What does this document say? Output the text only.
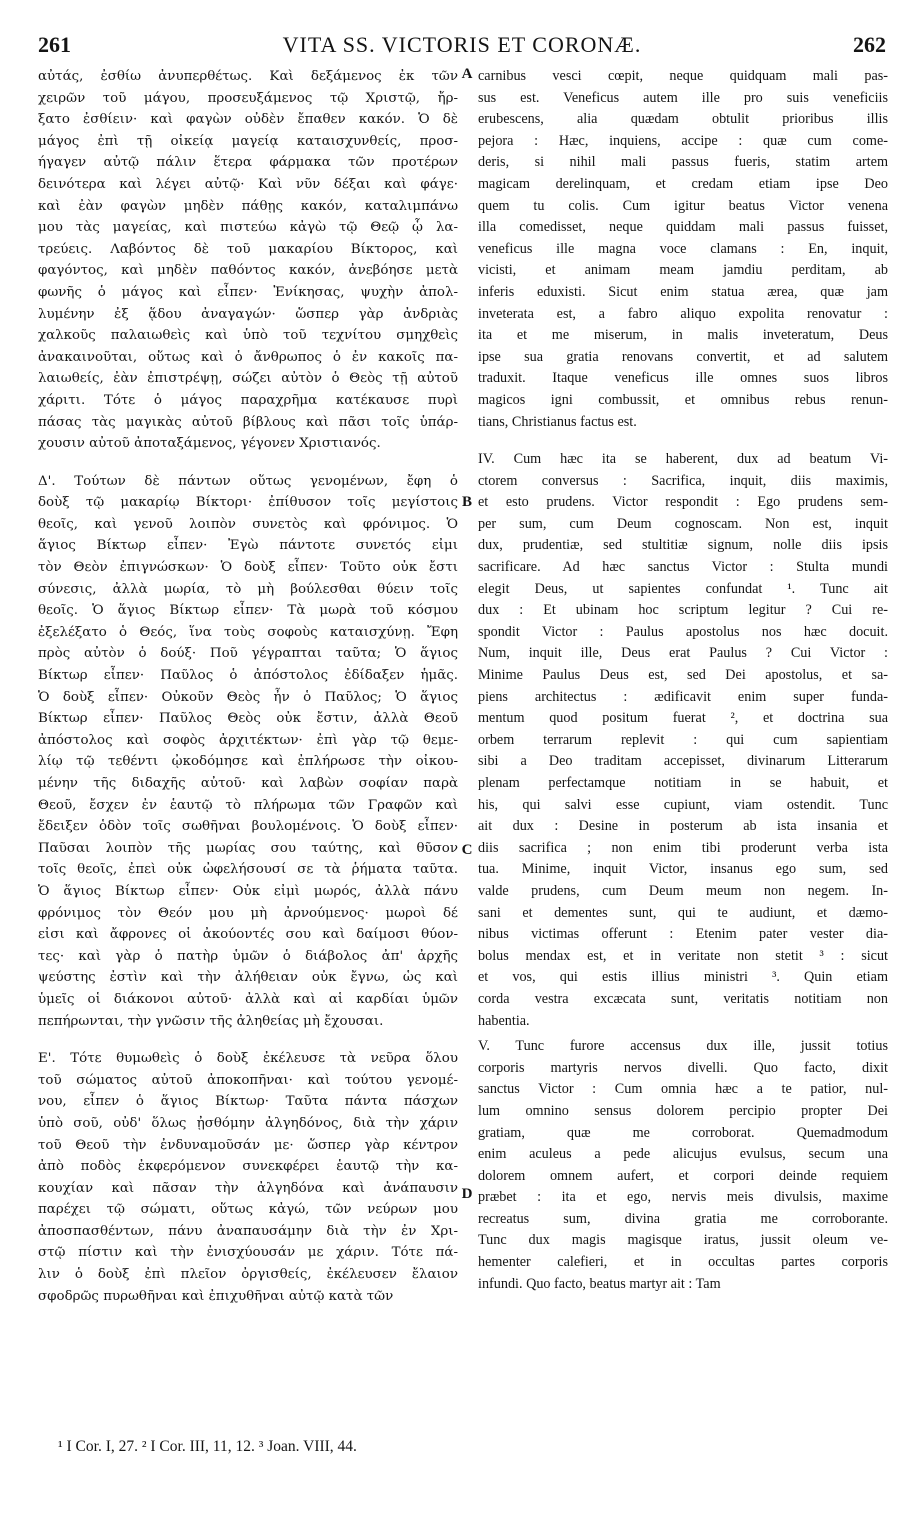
261	VITA SS. VICTORIS ET CORONÆ.	262
αὐτάς, ἐσθίω ἀνυπερθέτως. Καὶ δεξάμενος ἐκ τῶν
χειρῶν τοῦ μάγου, προσευξάμενος τῷ Χριστῷ, ἤρ-
ξατο ἐσθίειν· καὶ φαγὼν οὐδὲν ἔπαθεν κακόν. Ὁ δὲ
μάγος ἐπὶ τῇ οἰκείᾳ μαγείᾳ καταισχυνθείς, προσ-
ήγαγεν αὐτῷ πάλιν ἕτερα φάρμακα τῶν προτέρων
δεινότερα καὶ λέγει αὐτῷ· Καὶ νῦν δέξαι καὶ φάγε·
καὶ ἐὰν φαγὼν μηδὲν πάθῃς κακόν, καταλιμπάνω
μου τὰς μαγείας, καὶ πιστεύω κἀγὼ τῷ Θεῷ ᾧ λα-
τρεύεις. Λαβόντος δὲ τοῦ μακαρίου Βίκτορος, καὶ
φαγόντος, καὶ μηδὲν παθόντος κακόν, ἀνεβόησε μετὰ
φωνῆς ὁ μάγος καὶ εἶπεν· Ἐνίκησας, ψυχὴν ἀπολ-
λυμένην ἐξ ᾅδου ἀναγαγών· ὥσπερ γὰρ ἀνδριὰς
χαλκοῦς παλαιωθεὶς καὶ ὑπὸ τοῦ τεχνίτου σμηχθεὶς
ἀνακαινοῦται, οὕτως καὶ ὁ ἄνθρωπος ὁ ἐν κακοῖς πα-
λαιωθείς, ἐὰν ἐπιστρέψῃ, σώζει αὐτὸν ὁ Θεὸς τῇ αὐτοῦ
χάριτι. Τότε ὁ μάγος παραχρῆμα κατέκαυσε πυρὶ
πάσας τὰς μαγικὰς αὐτοῦ βίβλους καὶ πᾶσι τοῖς ὑπάρ-
χουσιν αὐτοῦ ἀποταξάμενος, γέγονεν Χριστιανός.
Δ'. Τούτων δὲ πάντων οὕτως γενομένων, ἔφη ὁ
δοὺξ τῷ μακαρίῳ Βίκτορι· ἐπίθυσον τοῖς μεγίστοις
θεοῖς, καὶ γενοῦ λοιπὸν συνετὸς καὶ φρόνιμος. Ὁ
ἅγιος Βίκτωρ εἶπεν· Ἐγὼ πάντοτε συνετός εἰμι
τὸν Θεὸν ἐπιγνώσκων· Ὁ δοὺξ εἶπεν· Τοῦτο οὐκ ἔστι
σύνεσις, ἀλλὰ μωρία, τὸ μὴ βούλεσθαι θύειν τοῖς
θεοῖς. Ὁ ἅγιος Βίκτωρ εἶπεν· Τὰ μωρὰ τοῦ κόσμου
ἐξελέξατο ὁ Θεός, ἵνα τοὺς σοφοὺς καταισχύνῃ. Ἔφη
πρὸς αὐτὸν ὁ δούξ· Ποῦ γέγραπται ταῦτα; Ὁ ἅγιος
Βίκτωρ εἶπεν· Παῦλος ὁ ἀπόστολος ἐδίδαξεν ἡμᾶς.
Ὁ δοὺξ εἶπεν· Οὐκοῦν Θεὸς ἦν ὁ Παῦλος; Ὁ ἅγιος
Βίκτωρ εἶπεν· Παῦλος Θεὸς οὐκ ἔστιν, ἀλλὰ Θεοῦ
ἀπόστολος καὶ σοφὸς ἀρχιτέκτων· ἐπὶ γὰρ τῷ θεμε-
λίῳ τῷ τεθέντι ᾠκοδόμησε καὶ ἐπλήρωσε τὴν οἰκου-
μένην τῆς διδαχῆς αὐτοῦ· καὶ λαβὼν σοφίαν παρὰ
Θεοῦ, ἔσχεν ἐν ἑαυτῷ τὸ πλήρωμα τῶν Γραφῶν καὶ
ἔδειξεν ὁδὸν τοῖς σωθῆναι βουλομένοις. Ὁ δοὺξ εἶπεν·
Παῦσαι λοιπὸν τῆς μωρίας σου ταύτης, καὶ θῦσον
τοῖς θεοῖς, ἐπεὶ οὐκ ὠφελήσουσί σε τὰ ῥήματα ταῦτα.
Ὁ ἅγιος Βίκτωρ εἶπεν· Οὐκ εἰμὶ μωρός, ἀλλὰ πάνυ
φρόνιμος τὸν Θεόν μου μὴ ἀρνούμενος· μωροὶ δέ
εἰσι καὶ ἄφρονες οἱ ἀκούοντές σου καὶ δαίμοσι θύον-
τες· καὶ γὰρ ὁ πατὴρ ὑμῶν ὁ διάβολος ἀπ' ἀρχῆς
ψεύστης ἐστὶν καὶ τὴν ἀλήθειαν οὐκ ἔγνω, ὡς καὶ
ὑμεῖς οἱ διάκονοι αὐτοῦ· ἀλλὰ καὶ αἱ καρδίαι ὑμῶν
πεπήρωνται, τὴν γνῶσιν τῆς ἀληθείας μὴ ἔχουσαι.
Ε'. Τότε θυμωθεὶς ὁ δοὺξ ἐκέλευσε τὰ νεῦρα ὅλου
τοῦ σώματος αὐτοῦ ἀποκοπῆναι· καὶ τούτου γενομέ-
νου, εἶπεν ὁ ἅγιος Βίκτωρ· Ταῦτα πάντα πάσχων
ὑπὸ σοῦ, οὐδ' ὅλως ᾐσθόμην ἀλγηδόνος, διὰ τὴν χάριν
τοῦ Θεοῦ τὴν ἐνδυναμοῦσάν με· ὥσπερ γὰρ κέντρον
ἀπὸ ποδὸς ἐκφερόμενον συνεκφέρει ἑαυτῷ τὴν κα-
κουχίαν καὶ πᾶσαν τὴν ἀλγηδόνα καὶ ἀνάπαυσιν
παρέχει τῷ σώματι, οὕτως κἀγώ, τῶν νεύρων μου
ἀποσπασθέντων, πάνυ ἀναπαυσάμην διὰ τὴν ἐν Χρι-
στῷ πίστιν καὶ τὴν ἐνισχύουσάν με χάριν. Τότε πά-
λιν ὁ δοὺξ ἐπὶ πλεῖον ὀργισθείς, ἐκέλευσεν ἔλαιον
σφοδρῶς πυρωθῆναι καὶ ἐπιχυθῆναι αὐτῷ κατὰ τῶν
A
B
C
D
carnibus vesci cœpit, neque quidquam mali pas-
sus est. Veneficus autem ille pro suis veneficiis
erubescens, alia quædam obtulit prioribus illis
pejora : Hæc, inquiens, accipe : quæ cum come-
deris, si nihil mali passus fueris, statim artem
magicam derelinquam, et credam etiam ipse Deo
quem tu colis. Cum igitur beatus Victor venena
illa comedisset, neque quiddam mali passus fuisset,
veneficus ille magna voce clamans : En, inquit,
vicisti, et animam meam jamdiu perditam, ab
inferis eduxisti. Sicut enim statua ærea, quæ jam
inveterata est, a fabro aliquo expolita renovatur :
ita et me miserum, in malis inveteratum, Deus
ipse sua gratia renovans convertit, et ad salutem
traduxit. Itaque veneficus ille omnes suos libros
magicos igni combussit, et omnibus rebus renun-
tians, Christianus factus est.
IV. Cum hæc ita se haberent, dux ad beatum Vi-
ctorem conversus : Sacrifica, inquit, diis maximis,
et esto prudens. Victor respondit : Ego prudens sem-
per sum, cum Deum cognoscam. Non est, inquit
dux, prudentiæ, sed stultitiæ signum, nolle diis ipsis
sacrificare. Ad hæc sanctus Victor : Stulta mundi
elegit Deus, ut sapientes confundat ¹. Tunc ait
dux : Et ubinam hoc scriptum legitur ? Cui re-
spondit Victor : Paulus apostolus nos hæc docuit.
Num, inquit ille, Deus erat Paulus ? Cui Victor :
Minime Paulus Deus est, sed Dei apostolus, et sa-
piens architectus : ædificavit enim super funda-
mentum quod positum fuerat ², et doctrina sua
orbem terrarum replevit : qui cum sapientiam
sibi a Deo traditam accepisset, divinarum Litterarum
plenam perfectamque notitiam in se habuit, et
his, qui salvi esse cupiunt, viam ostendit. Tunc
ait dux : Desine in posterum ab ista insania et
diis sacrifica ; non enim tibi proderunt verba ista
tua. Minime, inquit Victor, insanus ego sum, sed
valde prudens, cum Deum meum non negem. In-
sani et dementes sunt, qui te audiunt, et dæmo-
nibus victimas offerunt : Etenim pater vester dia-
bolus mendax est, et in veritate non stetit ³ : sicut
et vos, qui estis illius ministri ³. Quin etiam
corda vestra excæcata sunt, veritatis notitiam non
habentia.
V. Tunc furore accensus dux ille, jussit totius
corporis martyris nervos divelli. Quo facto, dixit
sanctus Victor : Cum omnia hæc a te patior, nul-
lum omnino sensus dolorem percipio propter Dei
gratiam, quæ me corroborat. Quemadmodum
enim aculeus a pede alicujus evulsus, secum una
dolorem omnem aufert, et corpori deinde requiem
præbet : ita et ego, nervis meis divulsis, maxime
recreatus sum, divina gratia me corroborante.
Tunc dux magis magisque iratus, jussit oleum ve-
hementer calefieri, et in occultas partes corporis
infundi. Quo facto, beatus martyr ait : Tam
¹ I Cor. I, 27. ² I Cor. III, 11, 12. ³ Joan. VIII, 44.
